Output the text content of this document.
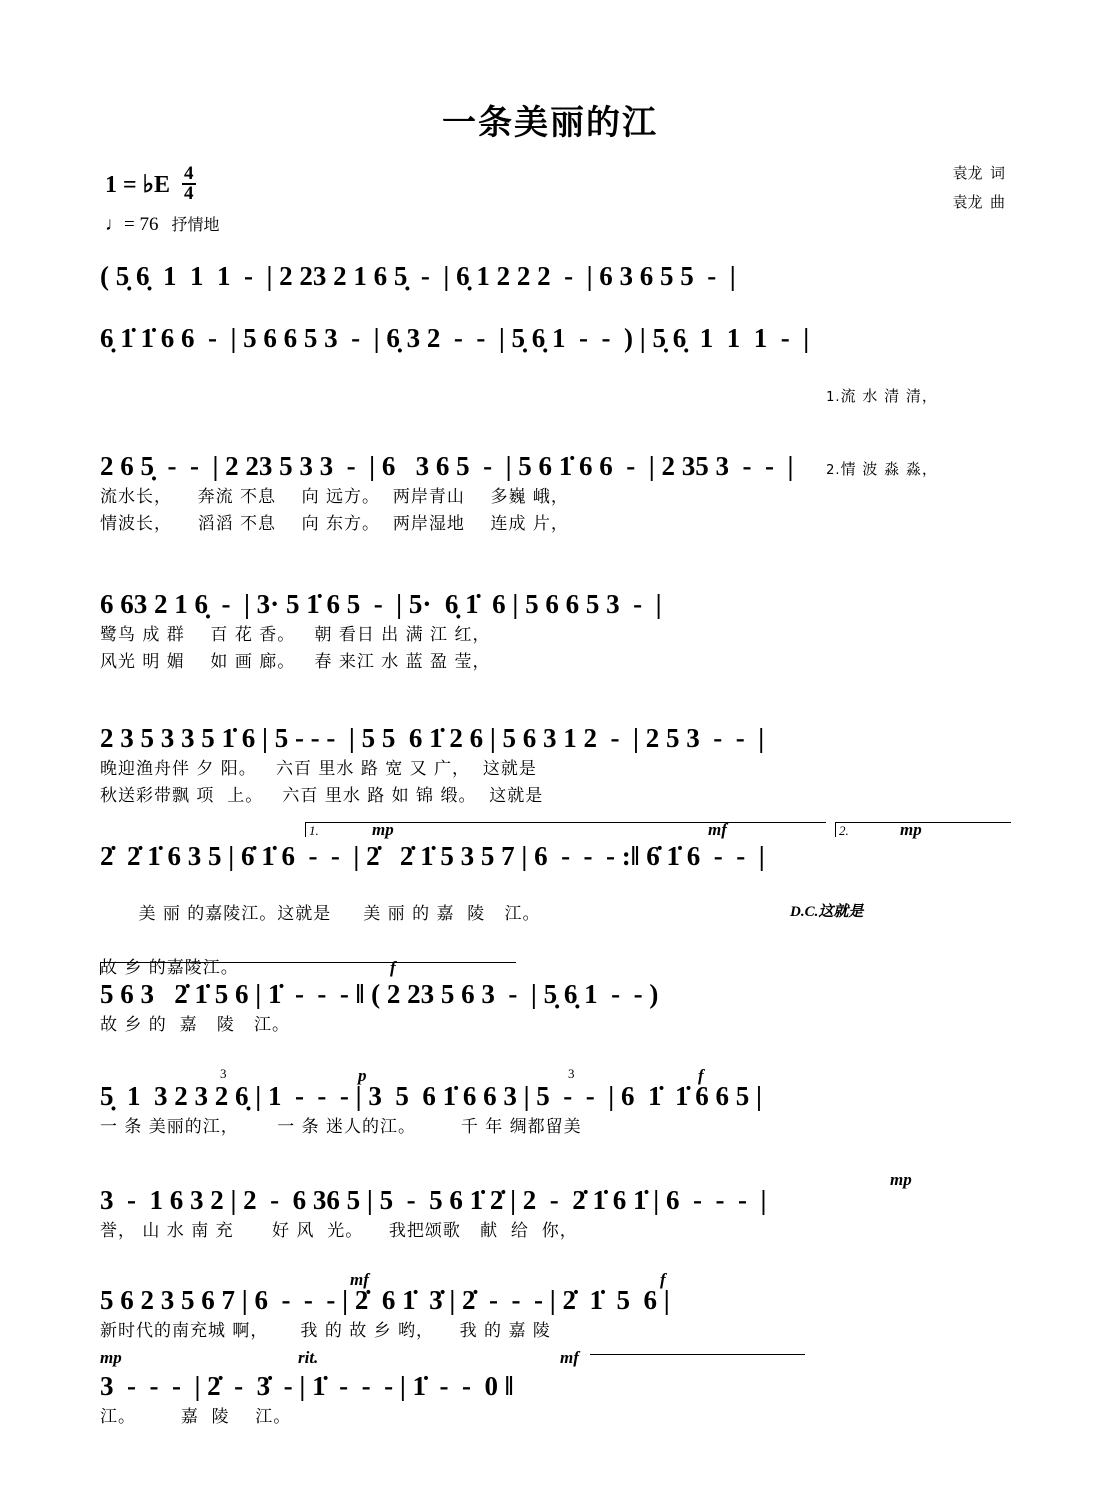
一条美丽的江
袁龙  词
袁龙  曲
1 = ♭E $\frac{4}{4}$
♩= 76 抒情地
( 5̣ 6̣  1  1  1  -  | 2 23 2 1 6 5̣  -  | 6̣ 1 2 2 2  -  | 6 3 6 5 5  -  |
6̣ 1̇ 1̇ 6 6  -  | 5 6 6 5 3  -  | 6̣ 3 2  -  -  | 5̣ 6̣ 1  -  -  ) | 5̣ 6̣  1  1  1  -  |

1.流 水 清 清，

2.情 波 淼 淼，

2 6 5̣  -  -  | 2 23 5 3 3  -  | 6   3 6 5  -  | 5 6 1̇ 6 6  -  | 2 35 3  -  -  |
流水长，    奔流 不息    向 远方。  两岸青山    多巍 峨，
情波长，    滔滔 不息    向 东方。  两岸湿地    连成 片，
6 63 2 1 6̣  -  | 3· 5 1̇ 6 5  -  | 5·  6̣ 1̇  6 | 5 6 6 5 3  -  |
鹭鸟 成 群    百 花 香。   朝 看日 出 满 江 红，
风光 明 媚    如 画 廊。   春 来江 水 蓝 盈 莹，
2 3 5 3 3 5 1̇ 6 | 5 - - -  | 5 5  6 1̇ 2 6 | 5 6 3 1 2  -  | 2 5 3  -  -  |
晚迎渔舟伴 夕 阳。   六百 里水 路 宽 又 广，  这就是
秋送彩带飘 项  上。   六百 里水 路 如 锦 缎。  这就是
1.	2.
mp	mf	mp
2̇  2̇ 1̇ 6 3 5 | 6̇ 1̇ 6  -  -  | 2̇   2̇ 1̇ 5 3 5 7 | 6  -  -  - :‖ 6̇ 1̇ 6  -  -  |

美 丽 的嘉陵江。这就是     美 丽 的 嘉  陵   江。

故 乡 的嘉陵江。
D.C.这就是
f
5 6 3   2̇ 1̇ 5 6 | 1̇  -  -  - ‖ ( 2 23 5 6 3  -  | 5̣ 6̣ 1  -  - )
故 乡 的  嘉   陵   江。
p	f
3	3
5̣  1  3 2 3 2 6̣ | 1  -  -  - | 3  5  6 1̇ 6 6 3 | 5  -  -  | 6  1̇  1̇ 6 6 5 |
一 条 美丽的江，      一 条 迷人的江。       千 年 绸都留美
mp
3  -  1 6 3 2 | 2  -  6 36 5 | 5  -  5 6 1̇ 2̇ | 2  -  2̇ 1̇ 6 1̇ | 6  -  -  -  |
誉， 山 水 南 充      好 风  光。    我把颂歌   献  给  你，
mf	f
5 6 2 3 5 6 7 | 6  -  -  - | 2̇  6 1̇  3̇ | 2̇  -  -  - | 2̇  1̇  5  6 |
新时代的南充城 啊，     我 的 故 乡 哟，    我 的 嘉 陵
mp	rit.	mf
3  -  -  -  | 2̇  -  3̇  - | 1̇  -  -  - | 1̇  -  -  0 ‖
江。       嘉  陵    江。
